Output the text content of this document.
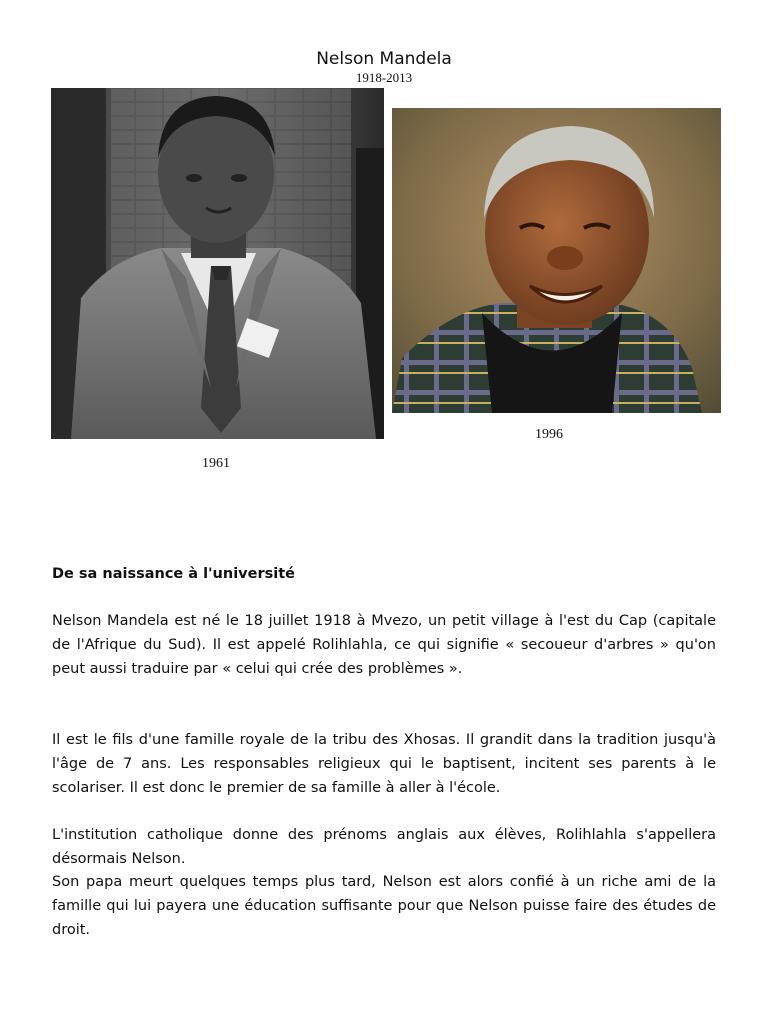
Nelson Mandela
1918-2013
1961
1996
De sa naissance à l'université

Nelson Mandela est né le 18 juillet 1918 à Mvezo, un petit village à l'est du Cap (capitale de l'Afrique du Sud). Il est appelé Rolihlahla, ce qui signifie « secoueur d'arbres » qu'on peut aussi traduire par « celui qui crée des problèmes ».

Il est le fils d'une famille royale de la tribu des Xhosas. Il grandit dans la tradition jusqu'à l'âge de 7 ans. Les responsables religieux qui le baptisent, incitent ses parents à le scolariser. Il est donc le premier de sa famille à aller à l'école.

L'institution catholique donne des prénoms anglais aux élèves, Rolihlahla s'appellera désormais Nelson.

Son papa meurt quelques temps plus tard, Nelson est alors confié à un riche ami de la famille qui lui payera une éducation suffisante pour que Nelson puisse faire des études de droit.
